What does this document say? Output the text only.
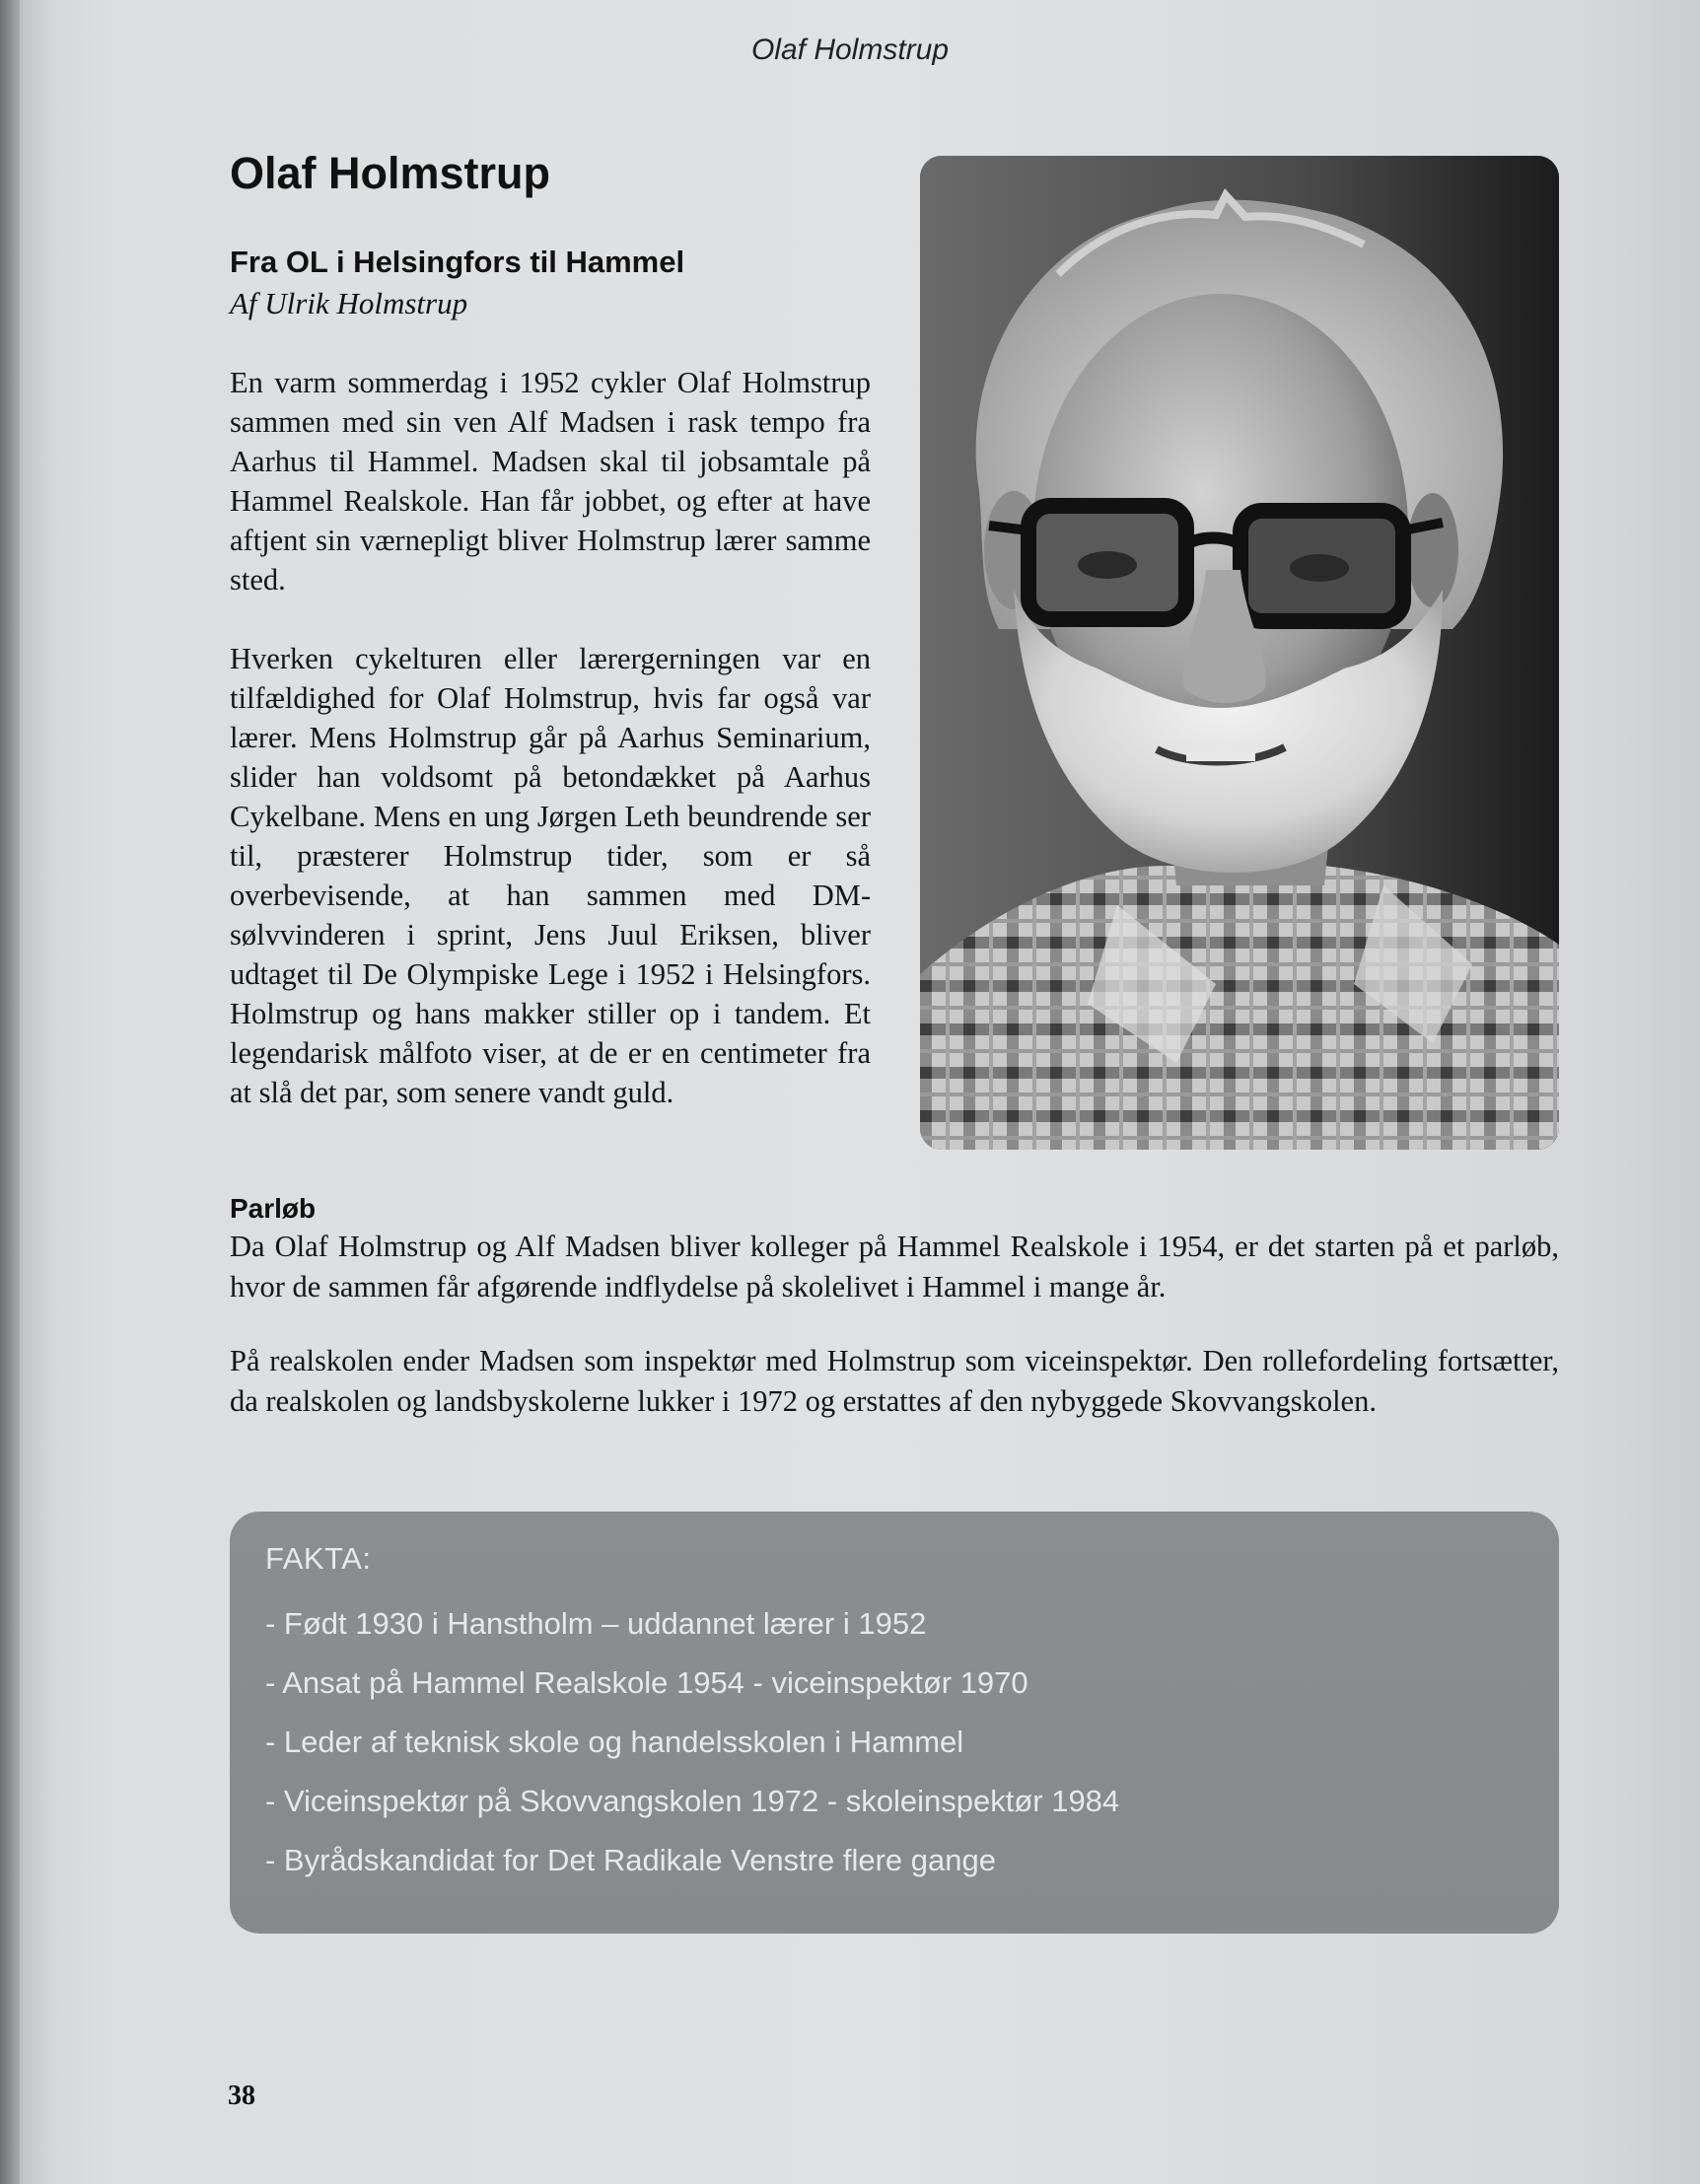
Olaf Holmstrup
Olaf Holmstrup
Fra OL i Helsingfors til Hammel
Af Ulrik Holmstrup

En varm sommerdag i 1952 cykler Olaf Holmstrup sammen med sin ven Alf Madsen i rask tempo fra Aarhus til Hammel. Madsen skal til jobsamtale på Hammel Realskole. Han får jobbet, og efter at have aftjent sin værnepligt bliver Holmstrup lærer samme sted.

Hverken cykelturen eller lærergerningen var en tilfældighed for Olaf Holmstrup, hvis far også var lærer. Mens Holmstrup går på Aarhus Seminarium, slider han voldsomt på betondækket på Aarhus Cykelbane. Mens en ung Jørgen Leth beundrende ser til, præsterer Holmstrup tider, som er så overbevisende, at han sammen med DM-sølvvinderen i sprint, Jens Juul Eriksen, bliver udtaget til De Olympiske Lege i 1952 i Helsingfors. Holmstrup og hans makker stiller op i tandem. Et legendarisk målfoto viser, at de er en centimeter fra at slå det par, som senere vandt guld.

Parløb

Da Olaf Holmstrup og Alf Madsen bliver kolleger på Hammel Realskole i 1954, er det starten på et parløb, hvor de sammen får afgørende indflydelse på skolelivet i Hammel i mange år.

På realskolen ender Madsen som inspektør med Holmstrup som viceinspektør. Den rollefordeling fortsætter, da realskolen og landsbyskolerne lukker i 1972 og erstattes af den nybyggede Skovvangskolen.

FAKTA:
- Født 1930 i Hanstholm – uddannet lærer i 1952
- Ansat på Hammel Realskole 1954 - viceinspektør 1970
- Leder af teknisk skole og handelsskolen i Hammel
- Viceinspektør på Skovvangskolen 1972 - skoleinspektør 1984
- Byrådskandidat for Det Radikale Venstre flere gange
38
